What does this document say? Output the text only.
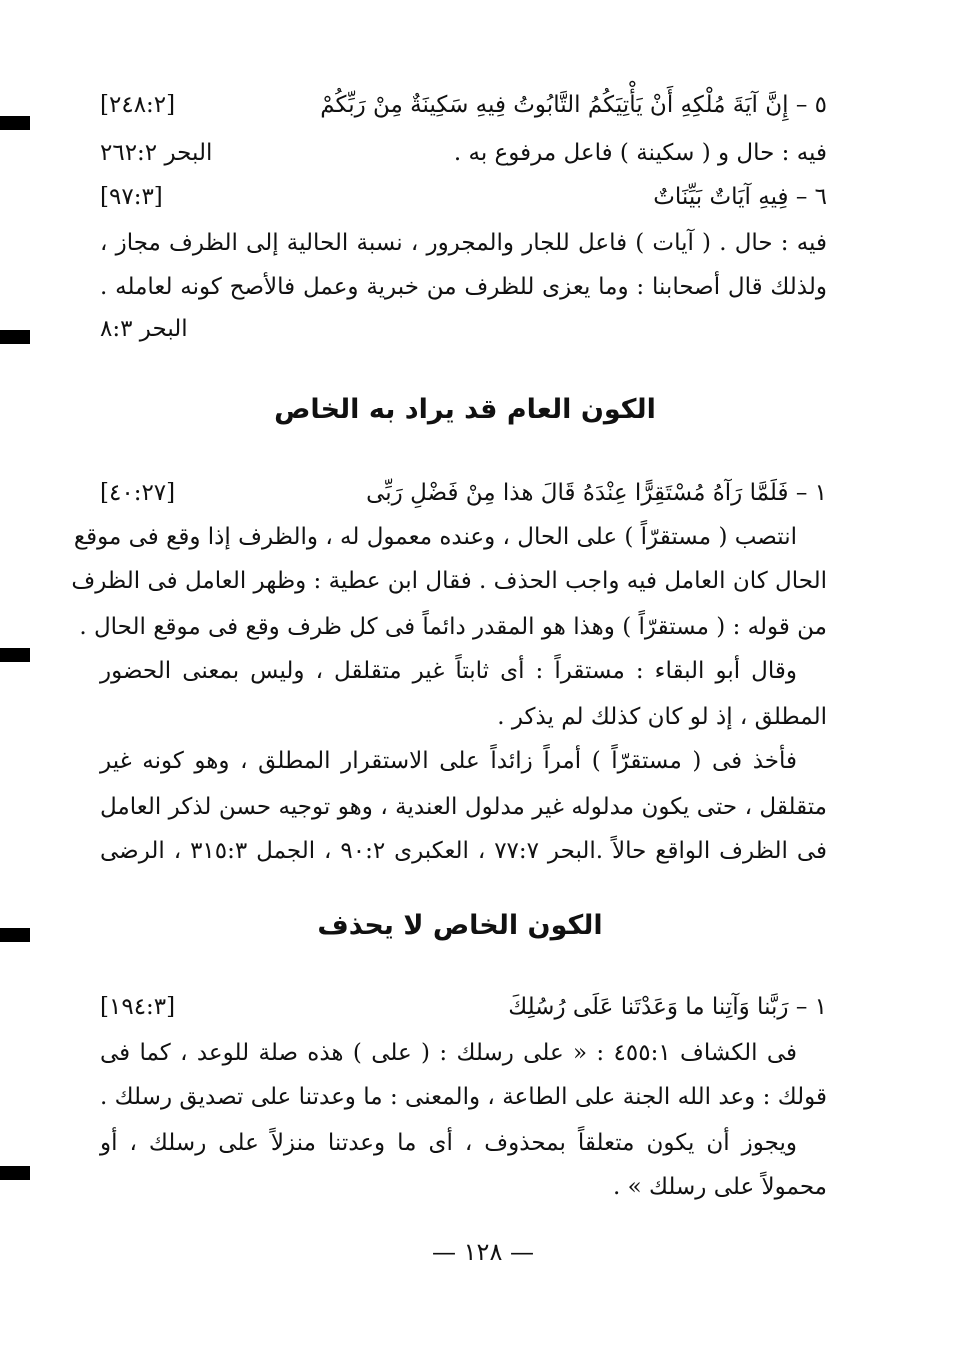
٥ – إِنَّ آيَةَ مُلْكِهِ أَنْ يَأْتِيَكُمُ التَّابُوتُ فِيهِ سَكِينَةٌ مِنْ رَبِّكُمْ
[٢٤٨:٢]
فيه : حال و ( سكينة ) فاعل مرفوع به .
البحر ٢٦٢:٢
٦ – فِيهِ آيَاتٌ بَيِّنَاتٌ
[٩٧:٣]
فيه : حال . ( آيات ) فاعل للجار والمجرور ، نسبة الحالية إلى الظرف مجاز ،
ولذلك قال أصحابنا : وما يعزى للظرف من خبرية وعمل فالأصح كونه لعامله .
البحر ٨:٣
الكون العام قد يراد به الخاص
١ – فَلَمَّا رَآهُ مُسْتَقِرًّا عِنْدَهُ قَالَ هذا مِنْ فَضْلِ رَبِّى
[٤٠:٢٧]
انتصب ( مستقرّاً ) على الحال ، وعنده معمول له ، والظرف إذا وقع فى موقع
الحال كان العامل فيه واجب الحذف . فقال ابن عطية : وظهر العامل فى الظرف
من قوله : ( مستقرّاً ) وهذا هو المقدر دائماً فى كل ظرف وقع فى موقع الحال .
وقال أبو البقاء : مستقراً : أى ثابتاً غير متقلقل ، وليس بمعنى الحضور
المطلق ، إذ لو كان كذلك لم يذكر .
فأخذ فى ( مستقرّاً ) أمراً زائداً على الاستقرار المطلق ، وهو كونه غير
متقلقل ، حتى يكون مدلوله غير مدلول العندية ، وهو توجيه حسن لذكر العامل
فى الظرف الواقع حالاً .البحر ٧٧:٧ ، العكبرى ٩٠:٢ ، الجمل ٣١٥:٣ ، الرضى
الكون الخاص لا يحذف
١ – رَبَّنا وَآتِنا ما وَعَدْتَنا عَلَى رُسُلِكَ
[١٩٤:٣]
فى الكشاف ٤٥٥:١ : « على رسلك : ( على ) هذه صلة للوعد ، كما فى
قولك : وعد الله الجنة على الطاعة ، والمعنى : ما وعدتنا على تصديق رسلك .
ويجوز أن يكون متعلقاً بمحذوف ، أى ما وعدتنا منزلاً على رسلك ، أو
محمولاً على رسلك » .
— ١٢٨ —
